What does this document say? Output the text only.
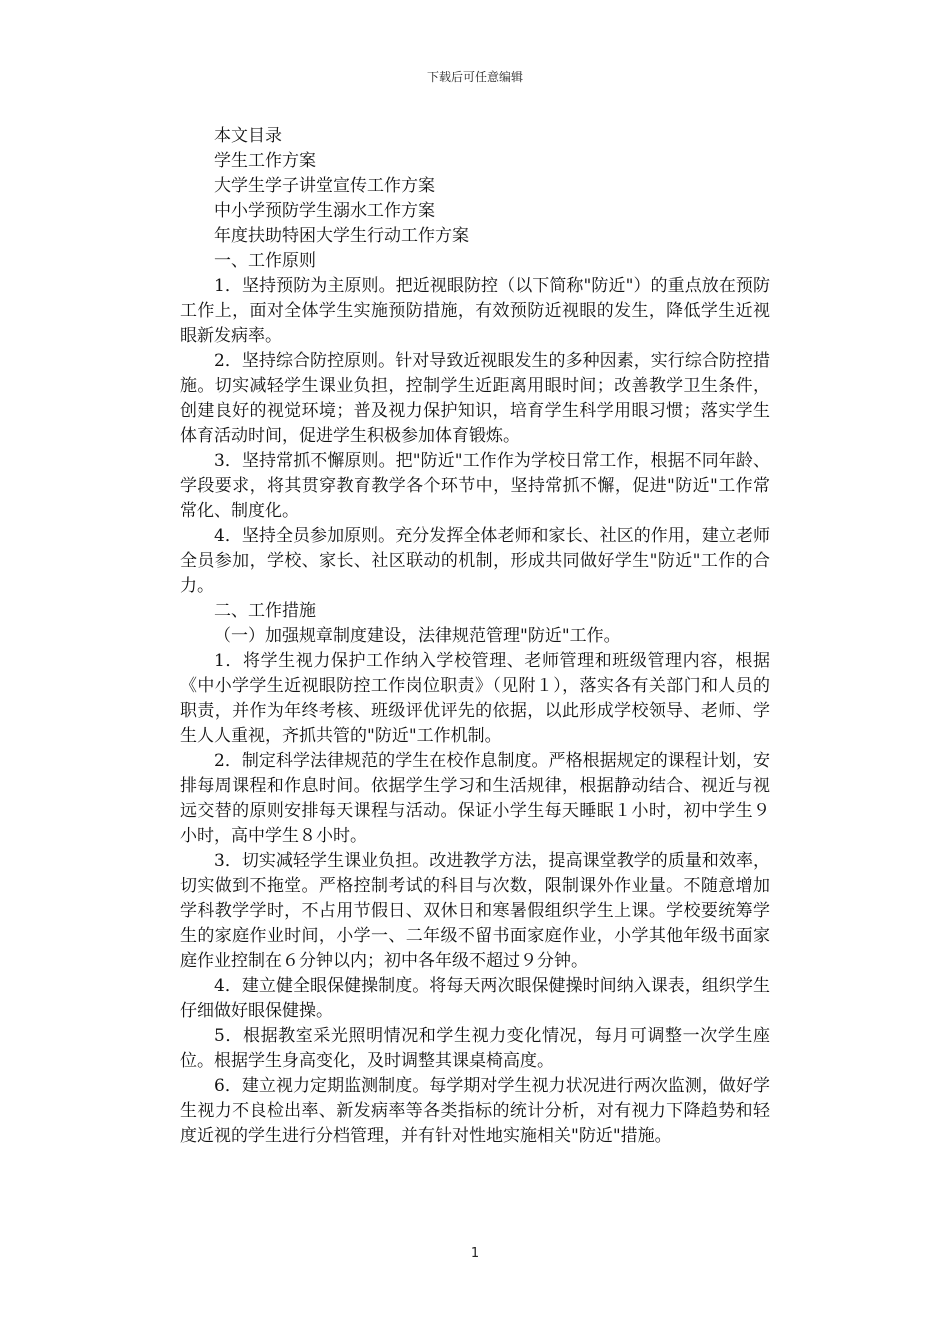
下载后可任意编辑

本文目录

学生工作方案

大学生学子讲堂宣传工作方案

中小学预防学生溺水工作方案

年度扶助特困大学生行动工作方案

一、工作原则

1．坚持预防为主原则。把近视眼防控（以下简称"防近"）的重点放在预防工作上，面对全体学生实施预防措施，有效预防近视眼的发生，降低学生近视眼新发病率。

2．坚持综合防控原则。针对导致近视眼发生的多种因素，实行综合防控措施。切实减轻学生课业负担，控制学生近距离用眼时间；改善教学卫生条件，创建良好的视觉环境；普及视力保护知识，培育学生科学用眼习惯；落实学生体育活动时间，促进学生积极参加体育锻炼。

3．坚持常抓不懈原则。把"防近"工作作为学校日常工作，根据不同年龄、学段要求，将其贯穿教育教学各个环节中，坚持常抓不懈，促进"防近"工作常常化、制度化。

4．坚持全员参加原则。充分发挥全体老师和家长、社区的作用，建立老师全员参加，学校、家长、社区联动的机制，形成共同做好学生"防近"工作的合力。

二、工作措施

（一）加强规章制度建设，法律规范管理"防近"工作。

1．将学生视力保护工作纳入学校管理、老师管理和班级管理内容，根据《中小学学生近视眼防控工作岗位职责》（见附１），落实各有关部门和人员的职责，并作为年终考核、班级评优评先的依据，以此形成学校领导、老师、学生人人重视，齐抓共管的"防近"工作机制。

2．制定科学法律规范的学生在校作息制度。严格根据规定的课程计划，安排每周课程和作息时间。依据学生学习和生活规律，根据静动结合、视近与视远交替的原则安排每天课程与活动。保证小学生每天睡眠１小时，初中学生９小时，高中学生８小时。

3．切实减轻学生课业负担。改进教学方法，提高课堂教学的质量和效率，切实做到不拖堂。严格控制考试的科目与次数，限制课外作业量。不随意增加学科教学学时，不占用节假日、双休日和寒暑假组织学生上课。学校要统筹学生的家庭作业时间，小学一、二年级不留书面家庭作业，小学其他年级书面家庭作业控制在６分钟以内；初中各年级不超过９分钟。

4．建立健全眼保健操制度。将每天两次眼保健操时间纳入课表，组织学生仔细做好眼保健操。

5．根据教室采光照明情况和学生视力变化情况，每月可调整一次学生座位。根据学生身高变化，及时调整其课桌椅高度。

6．建立视力定期监测制度。每学期对学生视力状况进行两次监测，做好学生视力不良检出率、新发病率等各类指标的统计分析，对有视力下降趋势和轻度近视的学生进行分档管理，并有针对性地实施相关"防近"措施。

1
